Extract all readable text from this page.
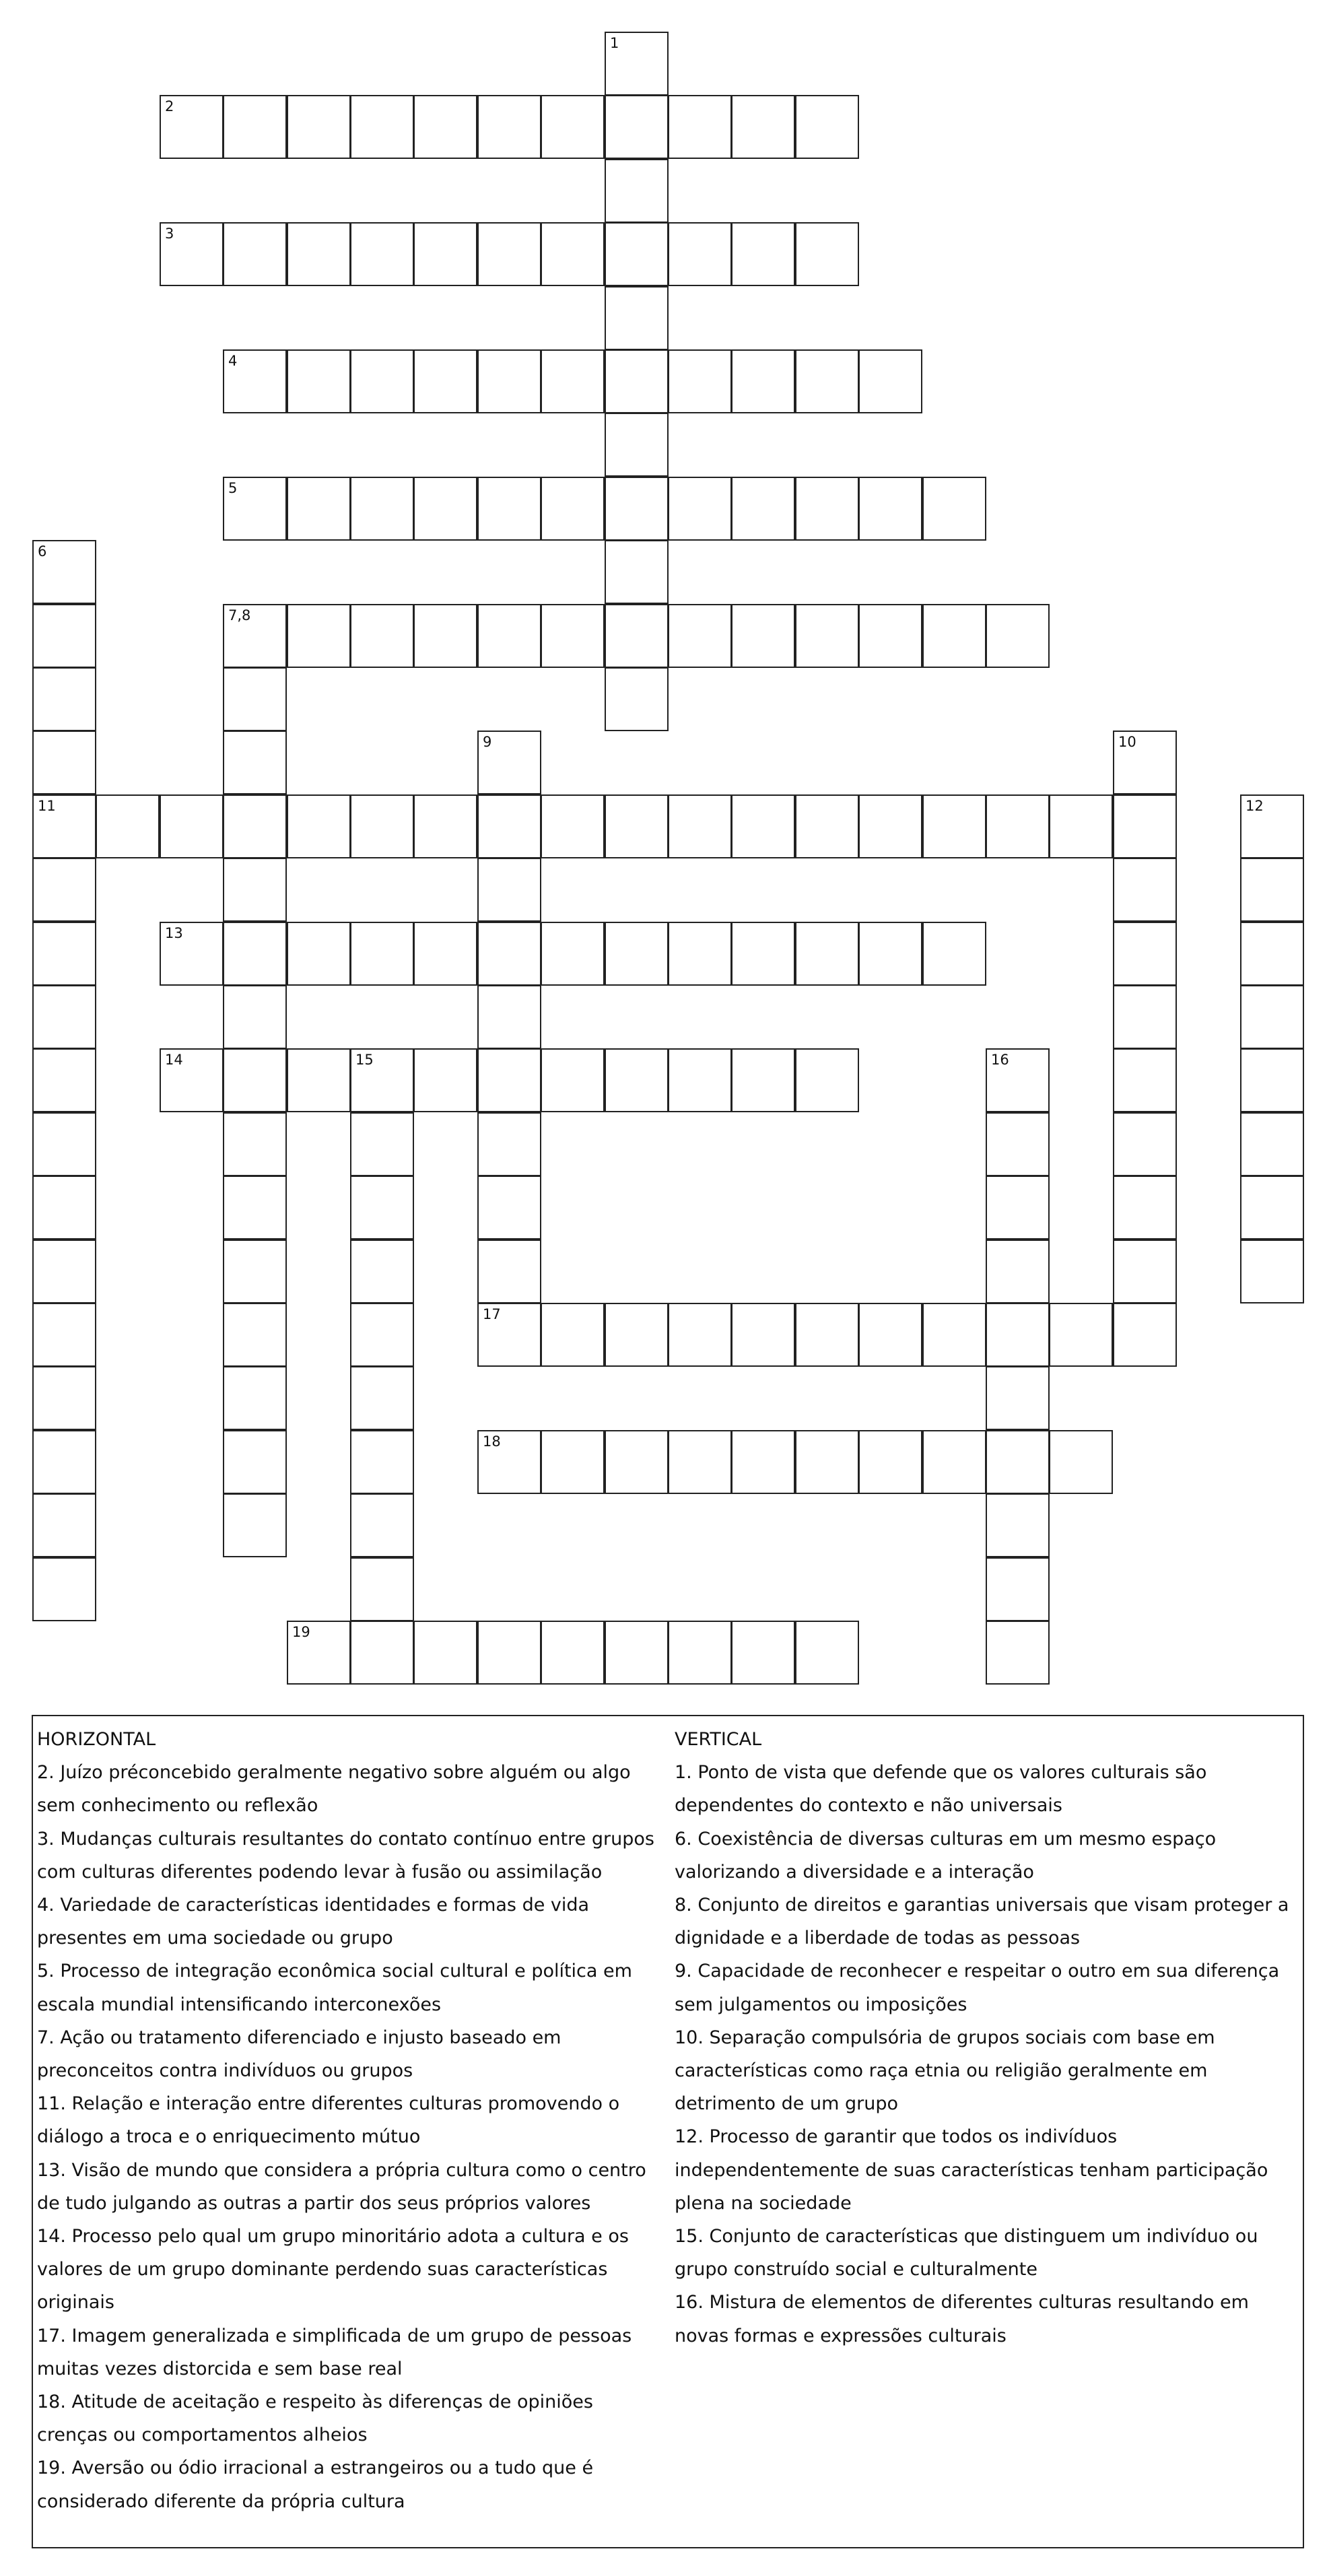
1
2
3
4
5
6
11
7,8
9	10
12
13
14	15	16
17
18
19
HORIZONTAL
2. Juízo préconcebido geralmente negativo sobre alguém ou algo sem conhecimento ou reflexão
3. Mudanças culturais resultantes do contato contínuo entre grupos com culturas diferentes podendo levar à fusão ou assimilação
4. Variedade de características identidades e formas de vida presentes em uma sociedade ou grupo
5. Processo de integração econômica social cultural e política em escala mundial intensificando interconexões
7. Ação ou tratamento diferenciado e injusto baseado em preconceitos contra indivíduos ou grupos
11. Relação e interação entre diferentes culturas promovendo o diálogo a troca e o enriquecimento mútuo
13. Visão de mundo que considera a própria cultura como o centro de tudo julgando as outras a partir dos seus próprios valores
14. Processo pelo qual um grupo minoritário adota a cultura e os valores de um grupo dominante perdendo suas características originais
17. Imagem generalizada e simplificada de um grupo de pessoas muitas vezes distorcida e sem base real
18. Atitude de aceitação e respeito às diferenças de opiniões crenças ou comportamentos alheios
19. Aversão ou ódio irracional a estrangeiros ou a tudo que é considerado diferente da própria cultura
VERTICAL
1. Ponto de vista que defende que os valores culturais são dependentes do contexto e não universais
6. Coexistência de diversas culturas em um mesmo espaço valorizando a diversidade e a interação
8. Conjunto de direitos e garantias universais que visam proteger a dignidade e a liberdade de todas as pessoas
9. Capacidade de reconhecer e respeitar o outro em sua diferença sem julgamentos ou imposições
10. Separação compulsória de grupos sociais com base em características como raça etnia ou religião geralmente em detrimento de um grupo
12. Processo de garantir que todos os indivíduos independentemente de suas características tenham participação plena na sociedade
15. Conjunto de características que distinguem um indivíduo ou grupo construído social e culturalmente
16. Mistura de elementos de diferentes culturas resultando em novas formas e expressões culturais
